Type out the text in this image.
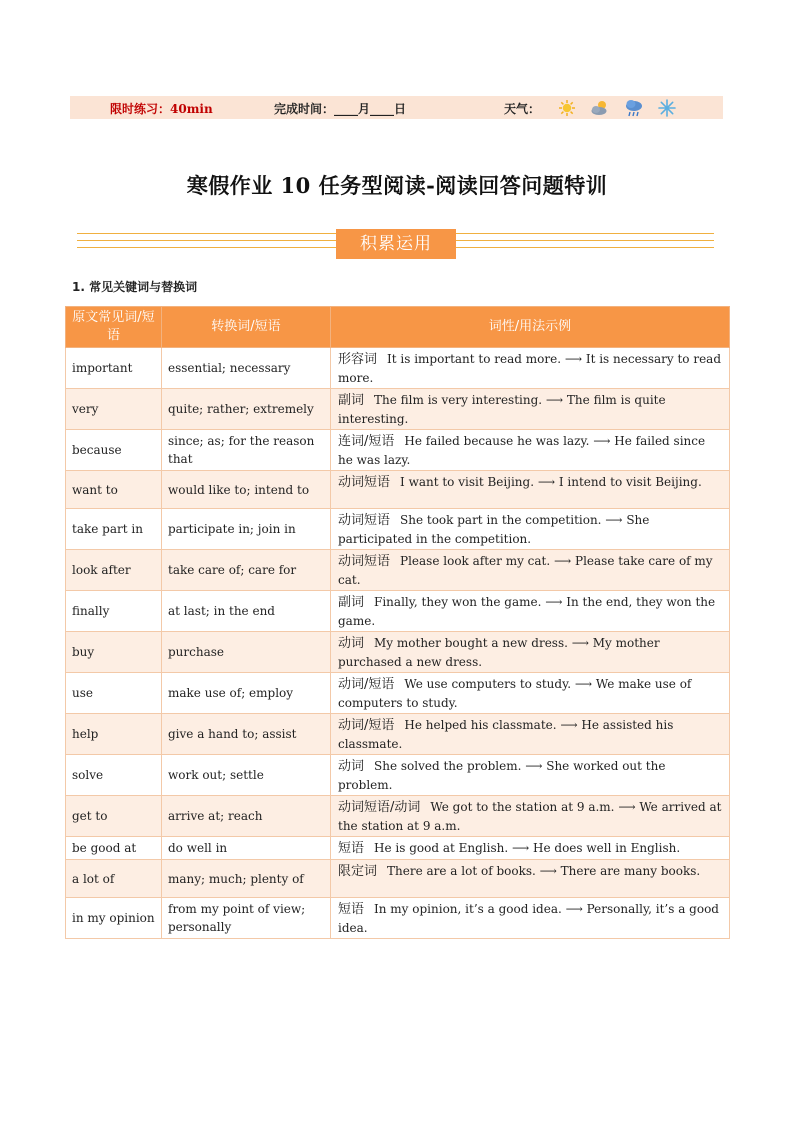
限时练习：40min	完成时间：____月____日	天气：
寒假作业 10 任务型阅读-阅读回答问题特训
积累运用
1. 常见关键词与替换词
原文常见词/短语	转换词/短语	词性/用法示例
important	essential; necessary	形容词 It is important to read more. ⟶ It is necessary to read more.
very	quite; rather; extremely	副词 The film is very interesting. ⟶ The film is quite interesting.
because	since; as; for the reason that	连词/短语 He failed because he was lazy. ⟶ He failed since he was lazy.
want to	would like to; intend to	动词短语 I want to visit Beijing. ⟶ I intend to visit Beijing.
take part in	participate in; join in	动词短语 She took part in the competition. ⟶ She participated in the competition.
look after	take care of; care for	动词短语 Please look after my cat. ⟶ Please take care of my cat.
finally	at last; in the end	副词 Finally, they won the game. ⟶ In the end, they won the game.
buy	purchase	动词 My mother bought a new dress. ⟶ My mother purchased a new dress.
use	make use of; employ	动词/短语 We use computers to study. ⟶ We make use of computers to study.
help	give a hand to; assist	动词/短语 He helped his classmate. ⟶ He assisted his classmate.
solve	work out; settle	动词 She solved the problem. ⟶ She worked out the problem.
get to	arrive at; reach	动词短语/动词 We got to the station at 9 a.m. ⟶ We arrived at the station at 9 a.m.
be good at	do well in	短语 He is good at English. ⟶ He does well in English.
a lot of	many; much; plenty of	限定词 There are a lot of books. ⟶ There are many books.
in my opinion	from my point of view; personally	短语 In my opinion, it’s a good idea. ⟶ Personally, it’s a good idea.
